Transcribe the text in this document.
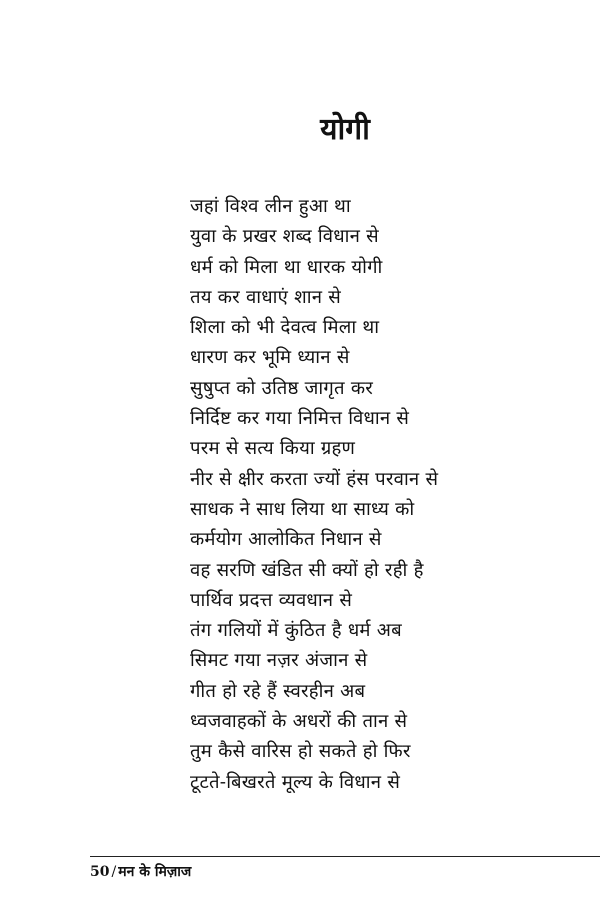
योगी
जहां विश्व लीन हुआ था
युवा के प्रखर शब्द विधान से
धर्म को मिला था धारक योगी
तय कर वाधाएं शान से
शिला को भी देवत्व मिला था
धारण कर भूमि ध्यान से
सुषुप्त को उतिष्ठ जागृत कर
निर्दिष्ट कर गया निमित्त विधान से
परम से सत्य किया ग्रहण
नीर से क्षीर करता ज्यों हंस परवान से
साधक ने साध लिया था साध्य को
कर्मयोग आलोकित निधान से
वह सरणि खंडित सी क्यों हो रही है
पार्थिव प्रदत्त व्यवधान से
तंग गलियों में कुंठित है धर्म अब
सिमट गया नज़र अंजान से
गीत हो रहे हैं स्वरहीन अब
ध्वजवाहकों के अधरों की तान से
तुम कैसे वारिस हो सकते हो फिर
टूटते-बिखरते मूल्य के विधान से
50 / मन के मिज़ाज
